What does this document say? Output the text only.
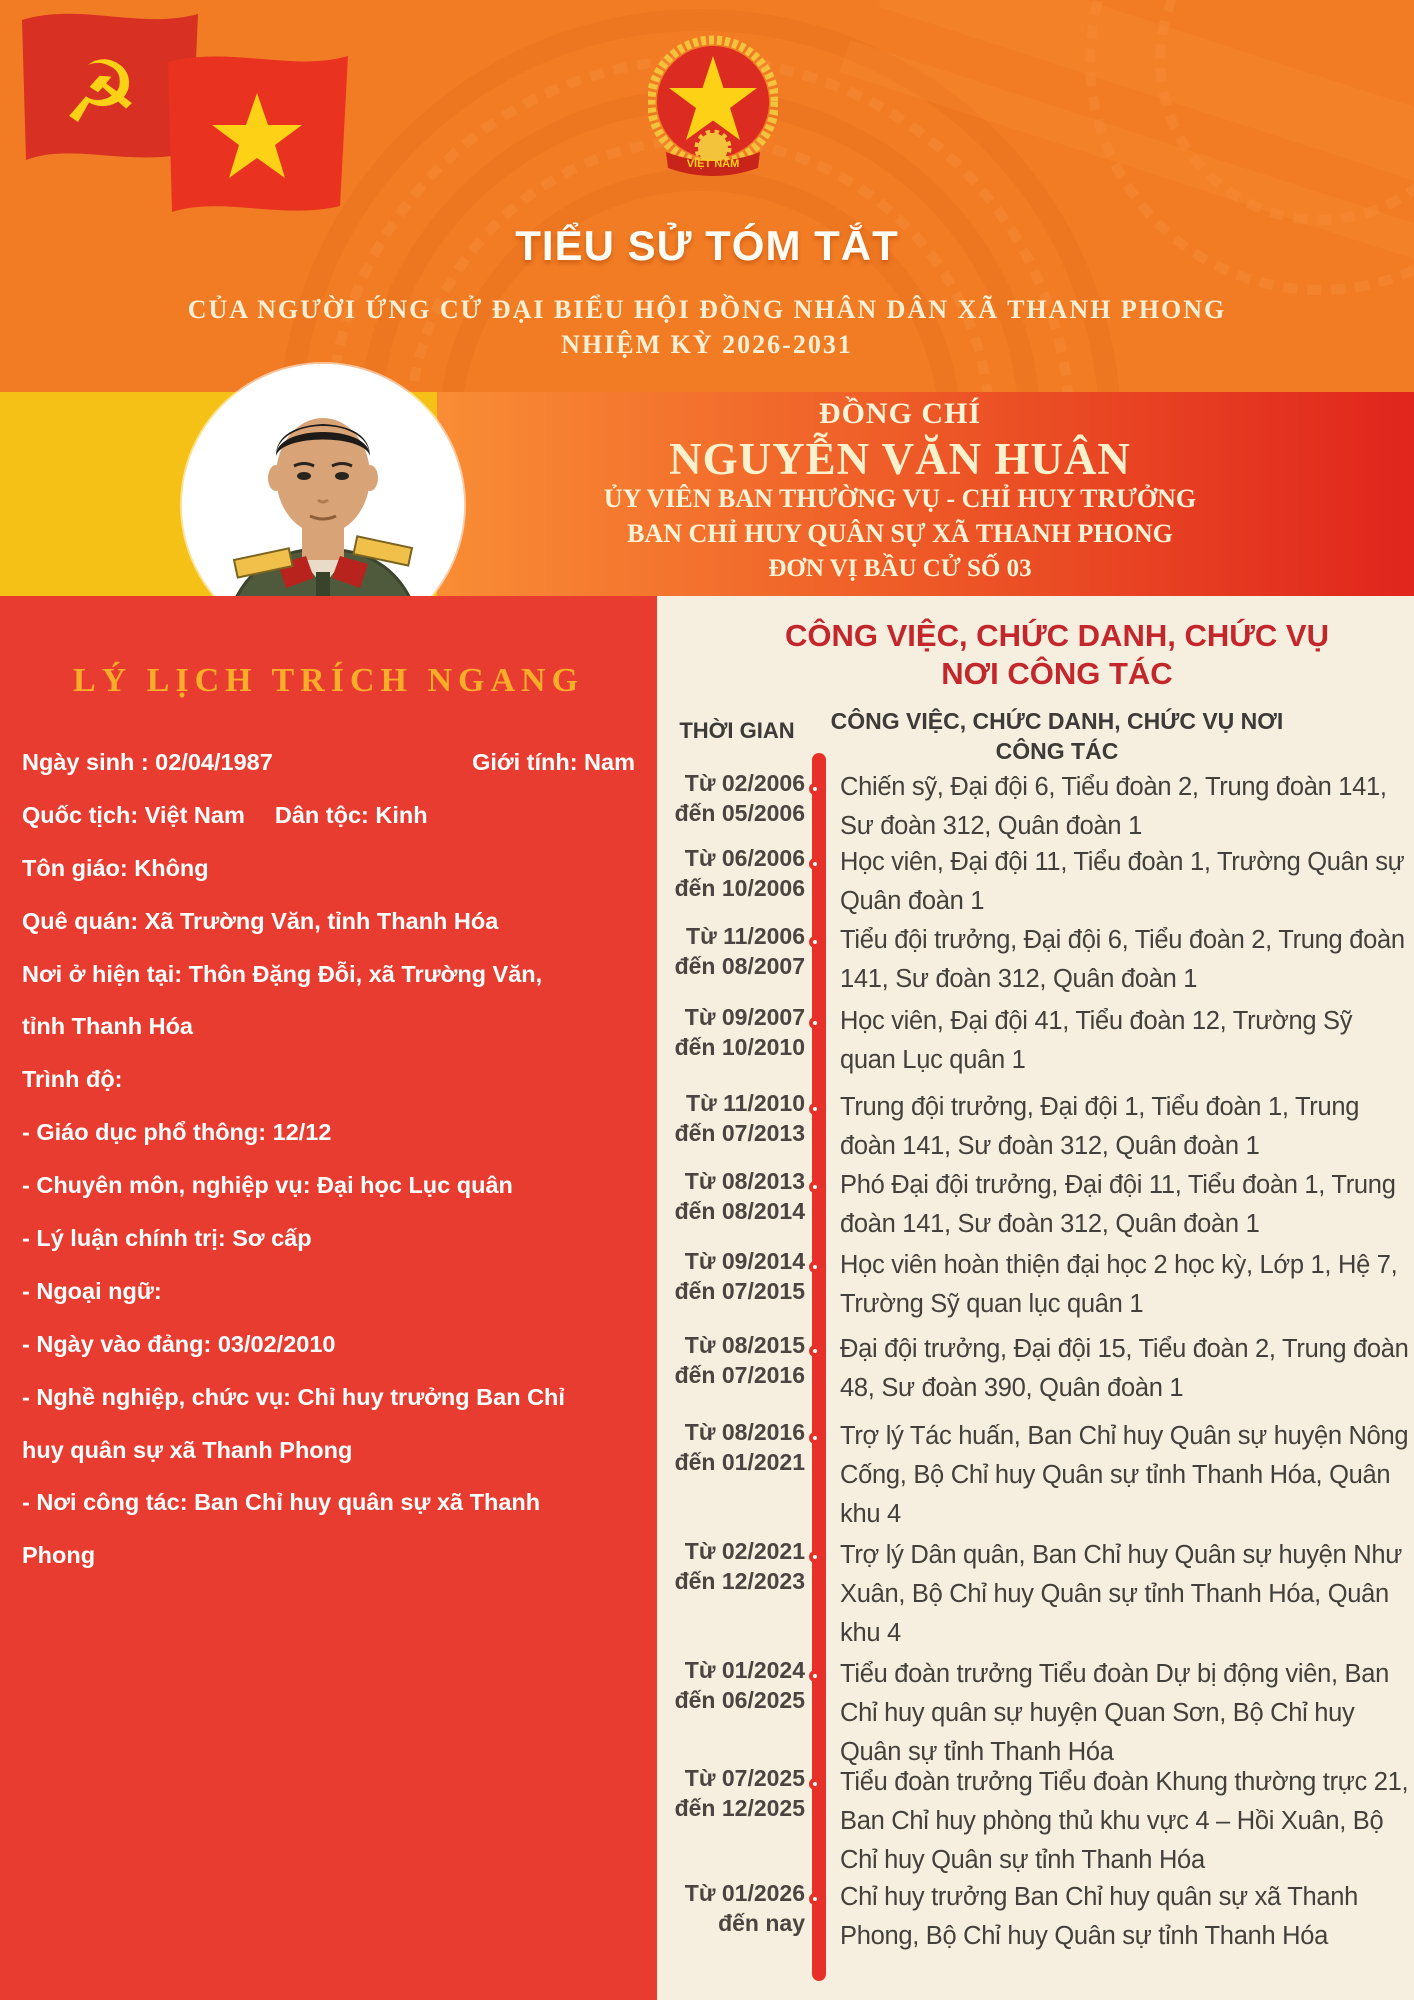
☭
VIỆT NAM
TIỂU SỬ TÓM TẮT
CỦA NGƯỜI ỨNG CỬ ĐẠI BIỂU HỘI ĐỒNG NHÂN DÂN XÃ THANH PHONG
NHIỆM KỲ 2026-2031
ĐỒNG CHÍ
NGUYỄN VĂN HUÂN
ỦY VIÊN BAN THƯỜNG VỤ - CHỈ HUY TRƯỞNG
BAN CHỈ HUY QUÂN SỰ XÃ THANH PHONG
ĐƠN VỊ BẦU CỬ SỐ 03
LÝ LỊCH TRÍCH NGANG
Ngày sinh : 02/04/1987	Giới tính: Nam
Quốc tịch: Việt Nam Dân tộc: Kinh
Tôn giáo: Không
Quê quán: Xã Trường Văn, tỉnh Thanh Hóa
Nơi ở hiện tại: Thôn Đặng Đỗi, xã Trường Văn,
tỉnh Thanh Hóa
Trình độ:
- Giáo dục phổ thông: 12/12
- Chuyên môn, nghiệp vụ: Đại học Lục quân
- Lý luận chính trị: Sơ cấp
- Ngoại ngữ:
- Ngày vào đảng: 03/02/2010
- Nghề nghiệp, chức vụ: Chỉ huy trưởng Ban Chỉ
huy quân sự xã Thanh Phong
- Nơi công tác: Ban Chỉ huy quân sự xã Thanh
Phong
CÔNG VIỆC, CHỨC DANH, CHỨC VỤ
NƠI CÔNG TÁC
CÔNG VIỆC, CHỨC DANH, CHỨC VỤ NƠI
CÔNG TÁC
THỜI GIAN
Từ 02/2006
đến 05/2006
Chiến sỹ, Đại đội 6, Tiểu đoàn 2, Trung đoàn 141, Sư đoàn 312, Quân đoàn 1
Từ 06/2006
đến 10/2006
Học viên, Đại đội 11, Tiểu đoàn 1, Trường Quân sự Quân đoàn 1
Từ 11/2006
đến 08/2007
Tiểu đội trưởng, Đại đội 6, Tiểu đoàn 2, Trung đoàn 141, Sư đoàn 312, Quân đoàn 1
Từ 09/2007
đến 10/2010
Học viên, Đại đội 41, Tiểu đoàn 12, Trường Sỹ quan Lục quân 1
Từ 11/2010
đến 07/2013
Trung đội trưởng, Đại đội 1, Tiểu đoàn 1, Trung đoàn 141, Sư đoàn 312, Quân đoàn 1
Từ 08/2013
đến 08/2014
Phó Đại đội trưởng, Đại đội 11, Tiểu đoàn 1, Trung đoàn 141, Sư đoàn 312, Quân đoàn 1
Từ 09/2014
đến 07/2015
Học viên hoàn thiện đại học 2 học kỳ, Lớp 1, Hệ 7, Trường Sỹ quan lục quân 1
Từ 08/2015
đến 07/2016
Đại đội trưởng, Đại đội 15, Tiểu đoàn 2, Trung đoàn 48, Sư đoàn 390, Quân đoàn 1
Từ 08/2016
đến 01/2021
Trợ lý Tác huấn, Ban Chỉ huy Quân sự huyện Nông Cống, Bộ Chỉ huy Quân sự tỉnh Thanh Hóa, Quân khu 4
Từ 02/2021
đến 12/2023
Trợ lý Dân quân, Ban Chỉ huy Quân sự huyện Như Xuân, Bộ Chỉ huy Quân sự tỉnh Thanh Hóa, Quân khu 4
Từ 01/2024
đến 06/2025
Tiểu đoàn trưởng Tiểu đoàn Dự bị động viên, Ban Chỉ huy quân sự huyện Quan Sơn, Bộ Chỉ huy Quân sự tỉnh Thanh Hóa
Từ 07/2025
đến 12/2025
Tiểu đoàn trưởng Tiểu đoàn Khung thường trực 21, Ban Chỉ huy phòng thủ khu vực 4 – Hồi Xuân, Bộ Chỉ huy Quân sự tỉnh Thanh Hóa
Từ 01/2026
đến nay
Chỉ huy trưởng Ban Chỉ huy quân sự xã Thanh Phong, Bộ Chỉ huy Quân sự tỉnh Thanh Hóa
